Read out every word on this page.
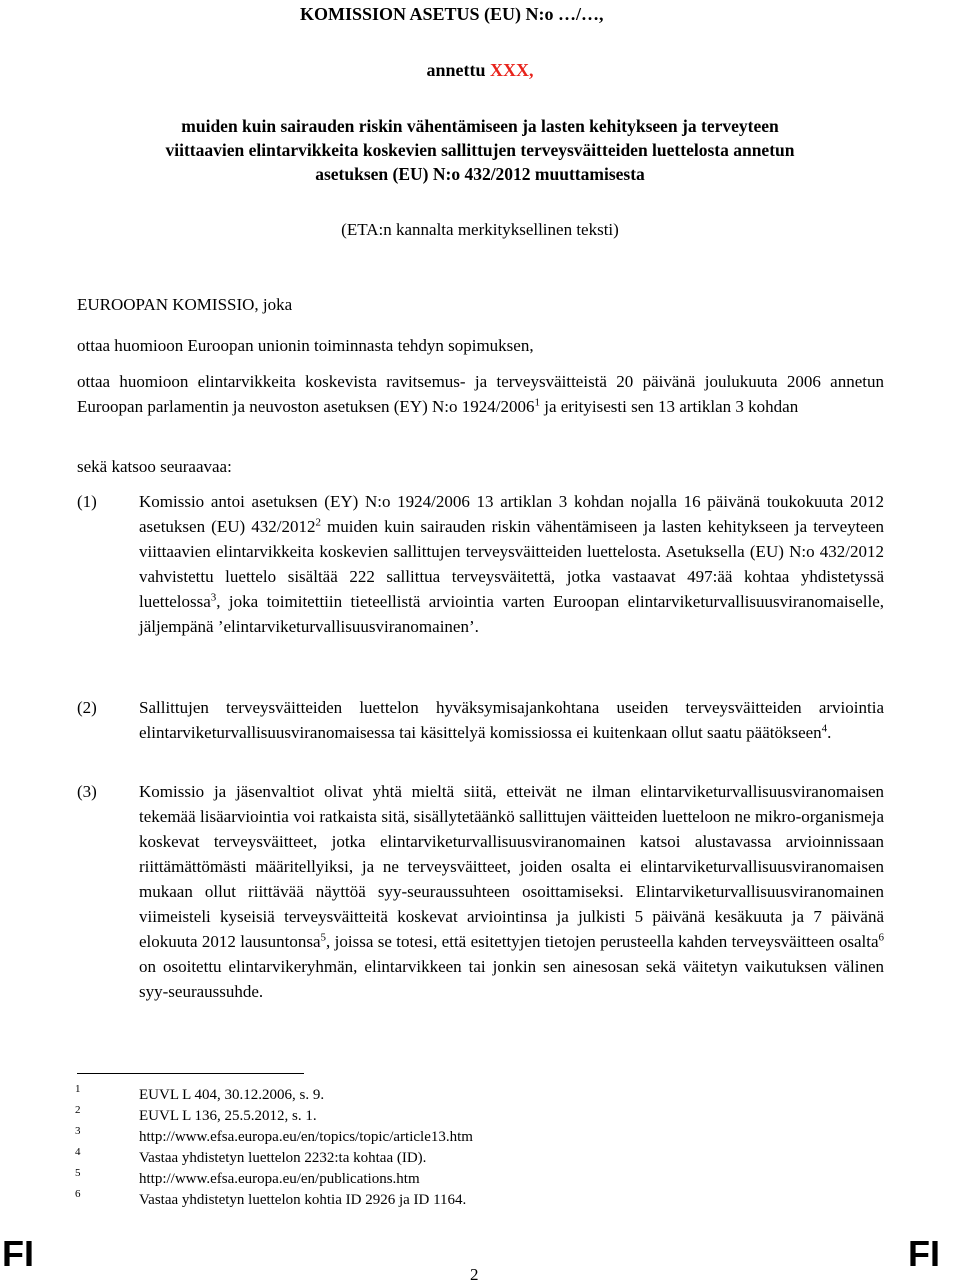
KOMISSION ASETUS (EU) N:o …/…,
annettu XXX,
muiden kuin sairauden riskin vähentämiseen ja lasten kehitykseen ja terveyteen
viittaavien elintarvikkeita koskevien sallittujen terveysväitteiden luettelosta annetun
asetuksen (EU) N:o 432/2012 muuttamisesta
(ETA:n kannalta merkityksellinen teksti)
EUROOPAN KOMISSIO, joka
ottaa huomioon Euroopan unionin toiminnasta tehdyn sopimuksen,
ottaa huomioon elintarvikkeita koskevista ravitsemus- ja terveysväitteistä 20 päivänä joulukuuta 2006 annetun Euroopan parlamentin ja neuvoston asetuksen (EY) N:o 1924/2006$^1$ ja erityisesti sen 13 artiklan 3 kohdan
sekä katsoo seuraavaa:
(1)	Komissio antoi asetuksen (EY) N:o 1924/2006 13 artiklan 3 kohdan nojalla 16 päivänä toukokuuta 2012 asetuksen (EU) 432/2012$^2$ muiden kuin sairauden riskin vähentämiseen ja lasten kehitykseen ja terveyteen viittaavien elintarvikkeita koskevien sallittujen terveysväitteiden luettelosta. Asetuksella (EU) N:o 432/2012 vahvistettu luettelo sisältää 222 sallittua terveysväitettä, jotka vastaavat 497:ää kohtaa yhdistetyssä luettelossa$^3$, joka toimitettiin tieteellistä arviointia varten Euroopan elintarviketurvallisuusviranomaiselle, jäljempänä ’elintarviketurvallisuusviranomainen’.
(2)	Sallittujen terveysväitteiden luettelon hyväksymisajankohtana useiden terveysväitteiden arviointia elintarviketurvallisuusviranomaisessa tai käsittelyä komissiossa ei kuitenkaan ollut saatu päätökseen$^4$.
(3)	Komissio ja jäsenvaltiot olivat yhtä mieltä siitä, etteivät ne ilman elintarviketurvallisuusviranomaisen tekemää lisäarviointia voi ratkaista sitä, sisällytetäänkö sallittujen väitteiden luetteloon ne mikro-organismeja koskevat terveysväitteet, jotka elintarviketurvallisuusviranomainen katsoi alustavassa arvioinnissaan riittämättömästi määritellyiksi, ja ne terveysväitteet, joiden osalta ei elintarviketurvallisuusviranomaisen mukaan ollut riittävää näyttöä syy-seuraussuhteen osoittamiseksi. Elintarviketurvallisuusviranomainen viimeisteli kyseisiä terveysväitteitä koskevat arviointinsa ja julkisti 5 päivänä kesäkuuta ja 7 päivänä elokuuta 2012 lausuntonsa$^5$, joissa se totesi, että esitettyjen tietojen perusteella kahden terveysväitteen osalta$^6$ on osoitettu elintarvikeryhmän, elintarvikkeen tai jonkin sen ainesosan sekä väitetyn vaikutuksen välinen syy-seuraussuhde.
1	EUVL L 404, 30.12.2006, s. 9.
2	EUVL L 136, 25.5.2012, s. 1.
3	http://www.efsa.europa.eu/en/topics/topic/article13.htm
4	Vastaa yhdistetyn luettelon 2232:ta kohtaa (ID).
5	http://www.efsa.europa.eu/en/publications.htm
6	Vastaa yhdistetyn luettelon kohtia ID 2926 ja ID 1164.
FI
2
FI
